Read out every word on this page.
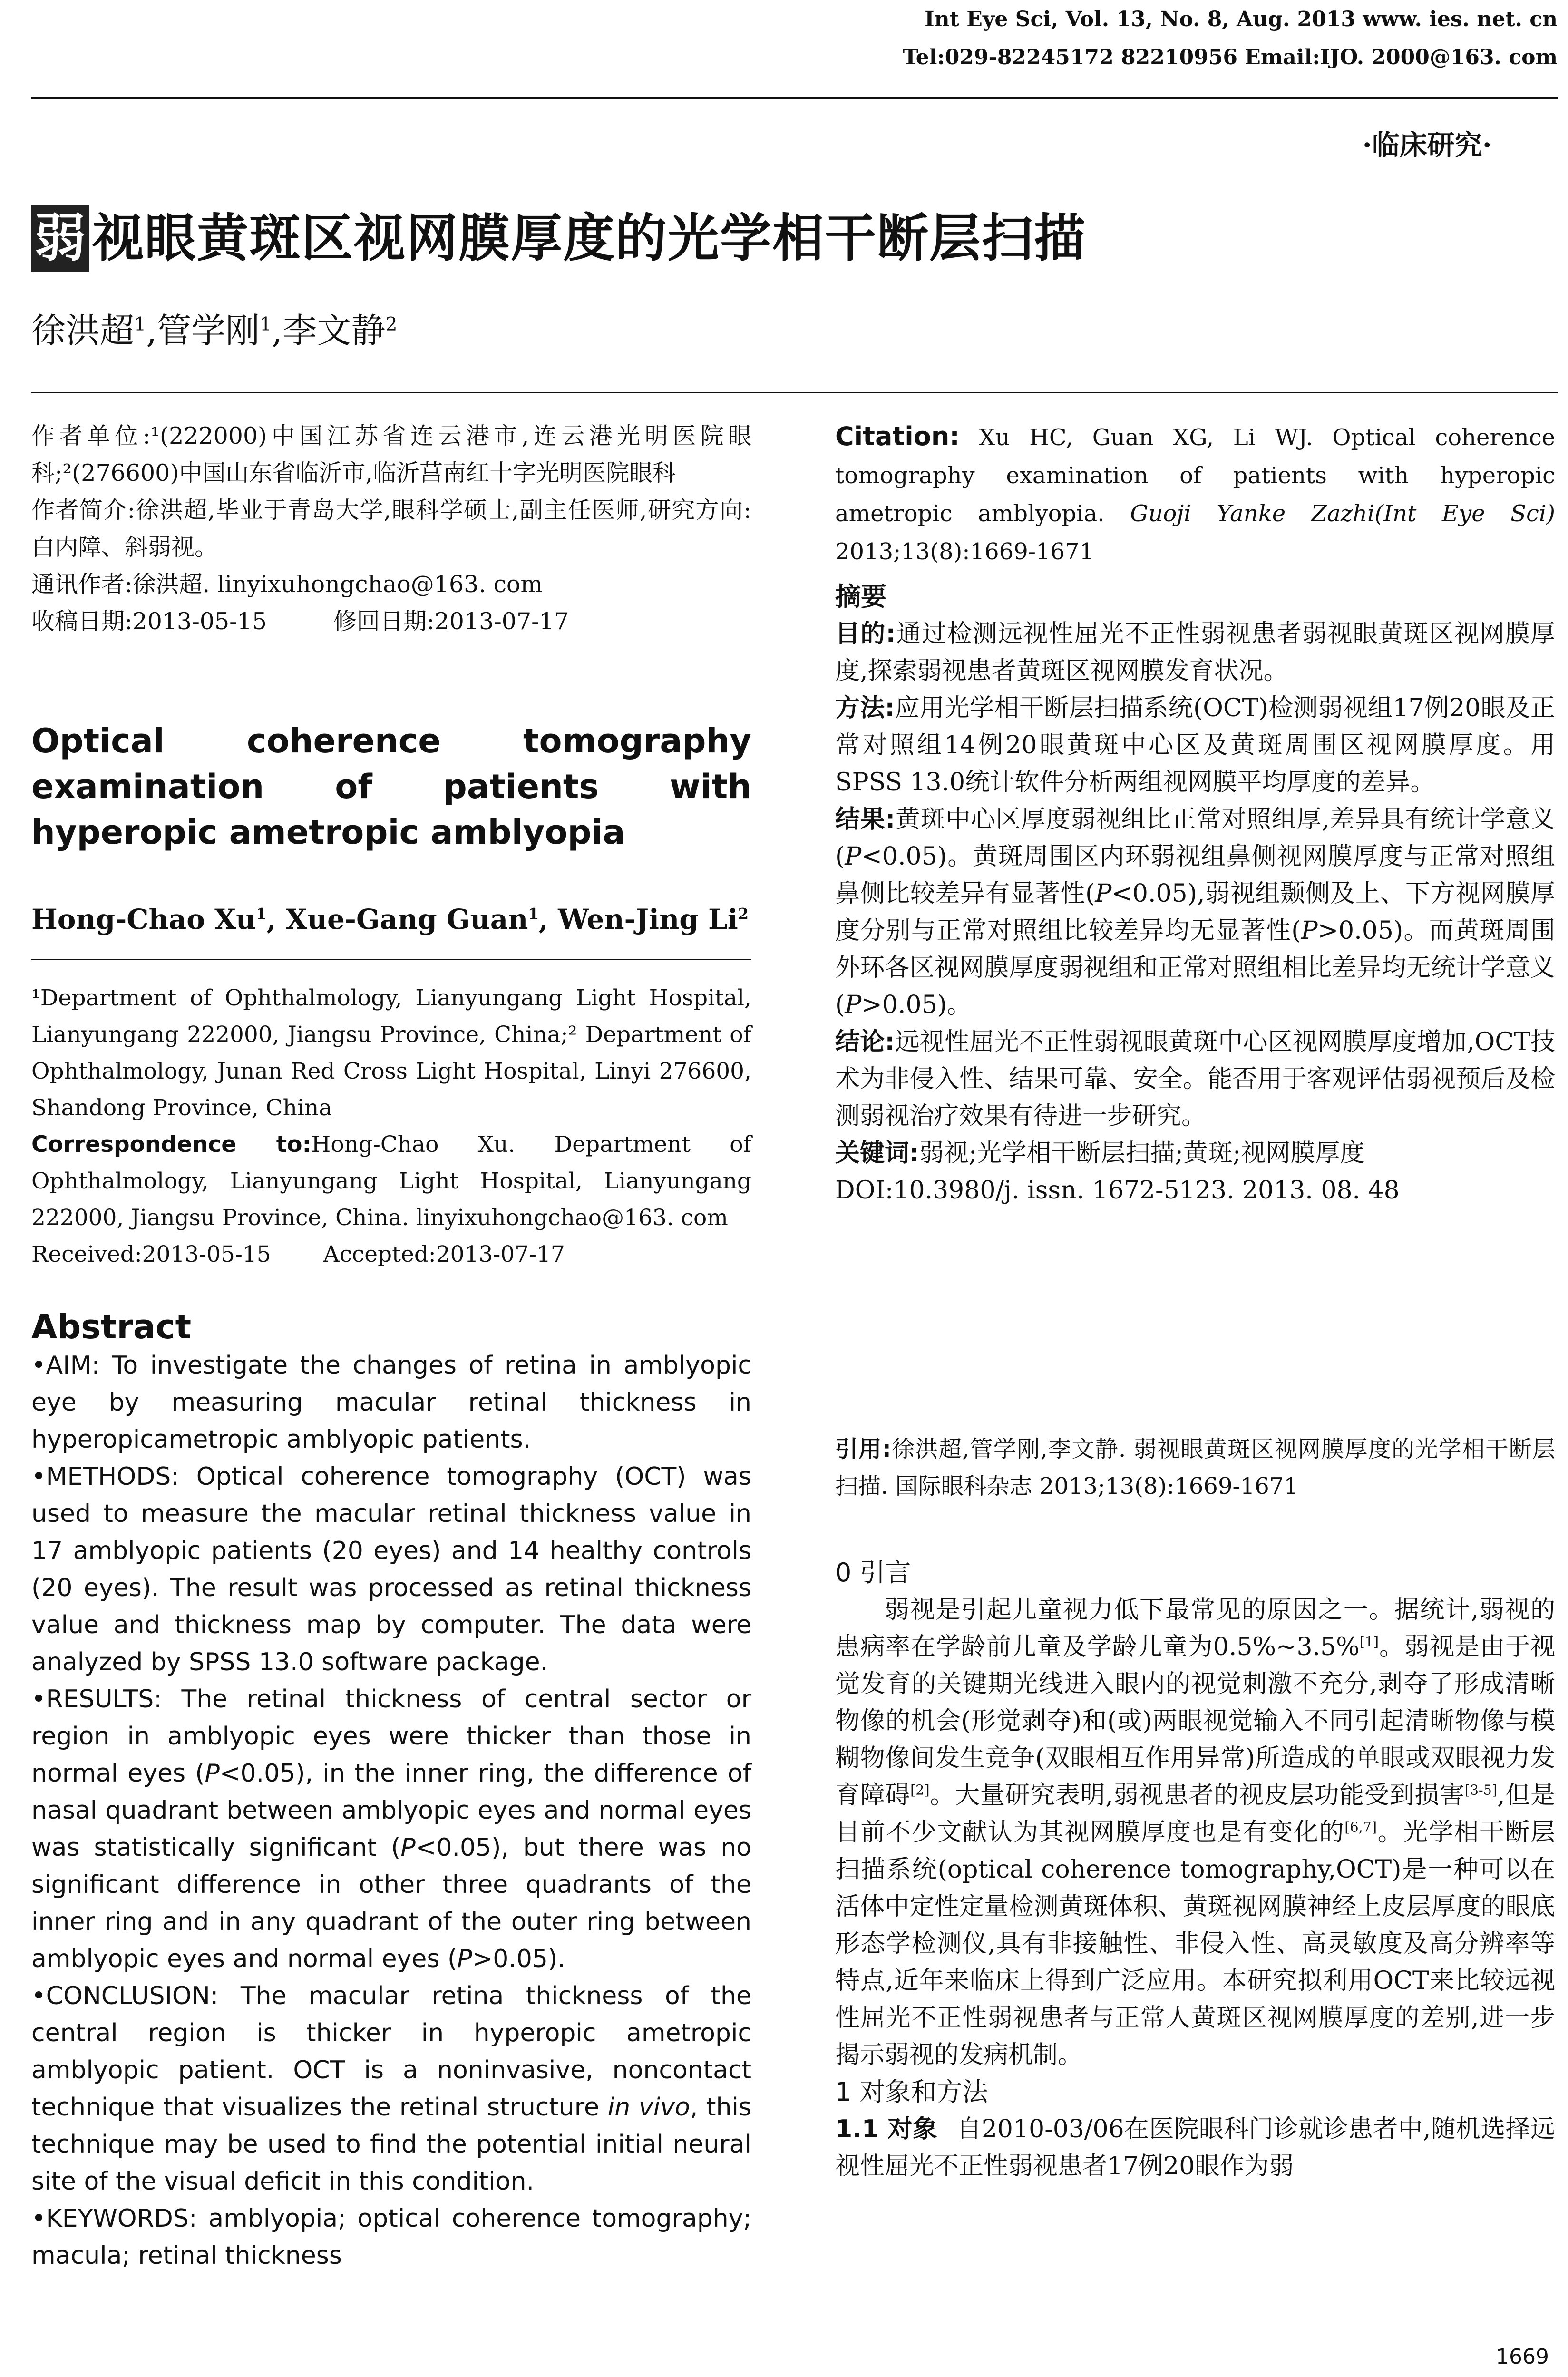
Int Eye Sci, Vol. 13, No. 8, Aug. 2013 www. ies. net. cn
Tel:029-82245172 82210956 Email:IJO. 2000@163. com
·临床研究·
弱 视眼黄斑区视网膜厚度的光学相干断层扫描
徐洪超$^1$,管学刚$^1$,李文静$^2$

作者单位:¹(222000)中国江苏省连云港市,连云港光明医院眼科;²(276600)中国山东省临沂市,临沂莒南红十字光明医院眼科

作者简介:徐洪超,毕业于青岛大学,眼科学硕士,副主任医师,研究方向:白内障、斜弱视。

通讯作者:徐洪超. linyixuhongchao@163. com

收稿日期:2013-05-15	修回日期:2013-07-17

Optical coherence tomography examination of patients with hyperopic ametropic amblyopia

Hong-Chao Xu$^1$, Xue-Gang Guan$^1$, Wen-Jing Li$^2$

¹Department of Ophthalmology, Lianyungang Light Hospital, Lianyungang 222000, Jiangsu Province, China;² Department of Ophthalmology, Junan Red Cross Light Hospital, Linyi 276600, Shandong Province, China

Correspondence to:Hong-Chao Xu. Department of Ophthalmology, Lianyungang Light Hospital, Lianyungang 222000, Jiangsu Province, China. linyixuhongchao@163. com

Received:2013-05-15 Accepted:2013-07-17

Abstract

•AIM: To investigate the changes of retina in amblyopic eye by measuring macular retinal thickness in hyperopicametropic amblyopic patients.

•METHODS: Optical coherence tomography (OCT) was used to measure the macular retinal thickness value in 17 amblyopic patients (20 eyes) and 14 healthy controls (20 eyes). The result was processed as retinal thickness value and thickness map by computer. The data were analyzed by SPSS 13.0 software package.

•RESULTS: The retinal thickness of central sector or region in amblyopic eyes were thicker than those in normal eyes (P<0.05), in the inner ring, the difference of nasal quadrant between amblyopic eyes and normal eyes was statistically significant (P<0.05), but there was no significant difference in other three quadrants of the inner ring and in any quadrant of the outer ring between amblyopic eyes and normal eyes (P>0.05).

•CONCLUSION: The macular retina thickness of the central region is thicker in hyperopic ametropic amblyopic patient. OCT is a noninvasive, noncontact technique that visualizes the retinal structure in vivo, this technique may be used to find the potential initial neural site of the visual deficit in this condition.

•KEYWORDS: amblyopia; optical coherence tomography; macula; retinal thickness

Citation: Xu HC, Guan XG, Li WJ. Optical coherence tomography examination of patients with hyperopic ametropic amblyopia. Guoji Yanke Zazhi(Int Eye Sci) 2013;13(8):1669-1671

摘要

目的:通过检测远视性屈光不正性弱视患者弱视眼黄斑区视网膜厚度,探索弱视患者黄斑区视网膜发育状况。

方法:应用光学相干断层扫描系统(OCT)检测弱视组17例20眼及正常对照组14例20眼黄斑中心区及黄斑周围区视网膜厚度。用SPSS 13.0统计软件分析两组视网膜平均厚度的差异。

结果:黄斑中心区厚度弱视组比正常对照组厚,差异具有统计学意义(P<0.05)。黄斑周围区内环弱视组鼻侧视网膜厚度与正常对照组鼻侧比较差异有显著性(P<0.05),弱视组颞侧及上、下方视网膜厚度分别与正常对照组比较差异均无显著性(P>0.05)。而黄斑周围外环各区视网膜厚度弱视组和正常对照组相比差异均无统计学意义(P>0.05)。

结论:远视性屈光不正性弱视眼黄斑中心区视网膜厚度增加,OCT技术为非侵入性、结果可靠、安全。能否用于客观评估弱视预后及检测弱视治疗效果有待进一步研究。

关键词:弱视;光学相干断层扫描;黄斑;视网膜厚度

DOI:10.3980/j. issn. 1672-5123. 2013. 08. 48

引用:徐洪超,管学刚,李文静. 弱视眼黄斑区视网膜厚度的光学相干断层扫描. 国际眼科杂志 2013;13(8):1669-1671

0 引言

弱视是引起儿童视力低下最常见的原因之一。据统计,弱视的患病率在学龄前儿童及学龄儿童为0.5%~3.5%[1]。弱视是由于视觉发育的关键期光线进入眼内的视觉刺激不充分,剥夺了形成清晰物像的机会(形觉剥夺)和(或)两眼视觉输入不同引起清晰物像与模糊物像间发生竞争(双眼相互作用异常)所造成的单眼或双眼视力发育障碍[2]。大量研究表明,弱视患者的视皮层功能受到损害[3-5],但是目前不少文献认为其视网膜厚度也是有变化的[6,7]。光学相干断层扫描系统(optical coherence tomography,OCT)是一种可以在活体中定性定量检测黄斑体积、黄斑视网膜神经上皮层厚度的眼底形态学检测仪,具有非接触性、非侵入性、高灵敏度及高分辨率等特点,近年来临床上得到广泛应用。本研究拟利用OCT来比较远视性屈光不正性弱视患者与正常人黄斑区视网膜厚度的差别,进一步揭示弱视的发病机制。

1 对象和方法

1.1 对象 自2010-03/06在医院眼科门诊就诊患者中,随机选择远视性屈光不正性弱视患者17例20眼作为弱

1669
